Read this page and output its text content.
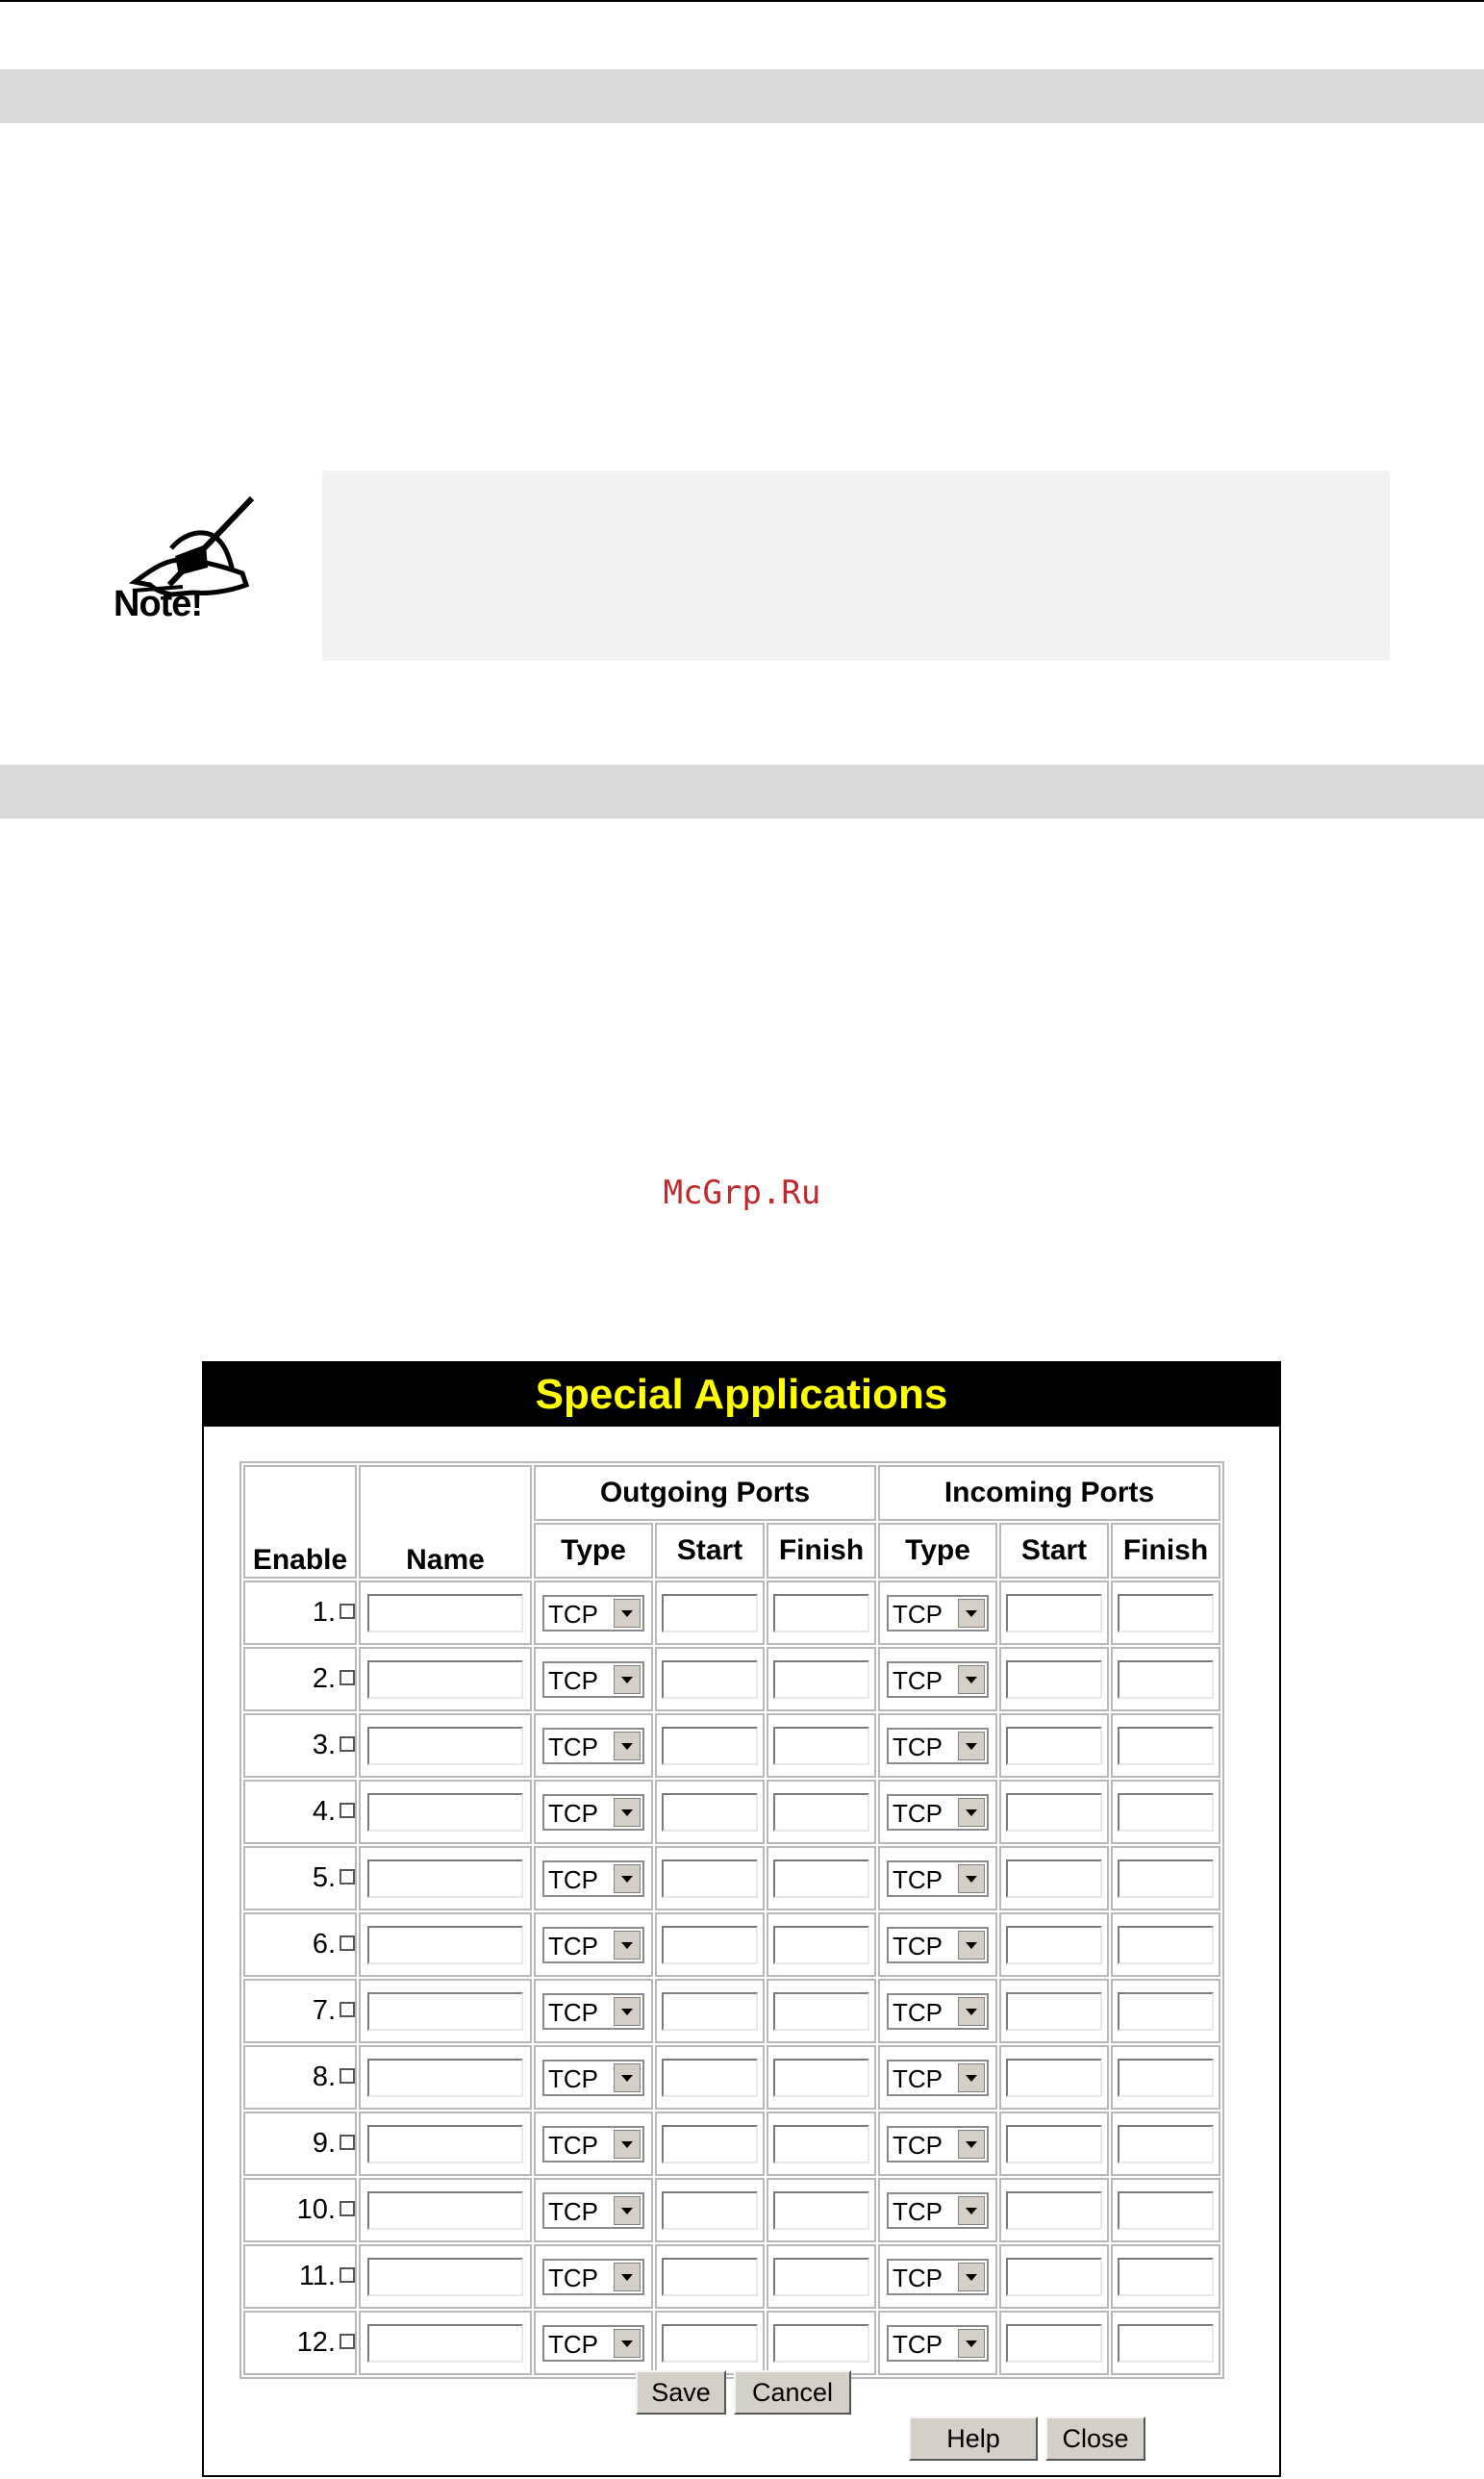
Note!
McGrp.Ru
Special Applications
Enable	Name	Outgoing Ports			Incoming Ports		
		Type	Start	Finish	Type	Start	Finish
1.		TCP			TCP		

2.		TCP			TCP		

3.		TCP			TCP		

4.		TCP			TCP		

5.		TCP			TCP		

6.		TCP			TCP		

7.		TCP			TCP		

8.		TCP			TCP		

9.		TCP			TCP		

10.		TCP			TCP		

11.		TCP			TCP		

12.		TCP			TCP		

Save	Cancel
Help	Close
